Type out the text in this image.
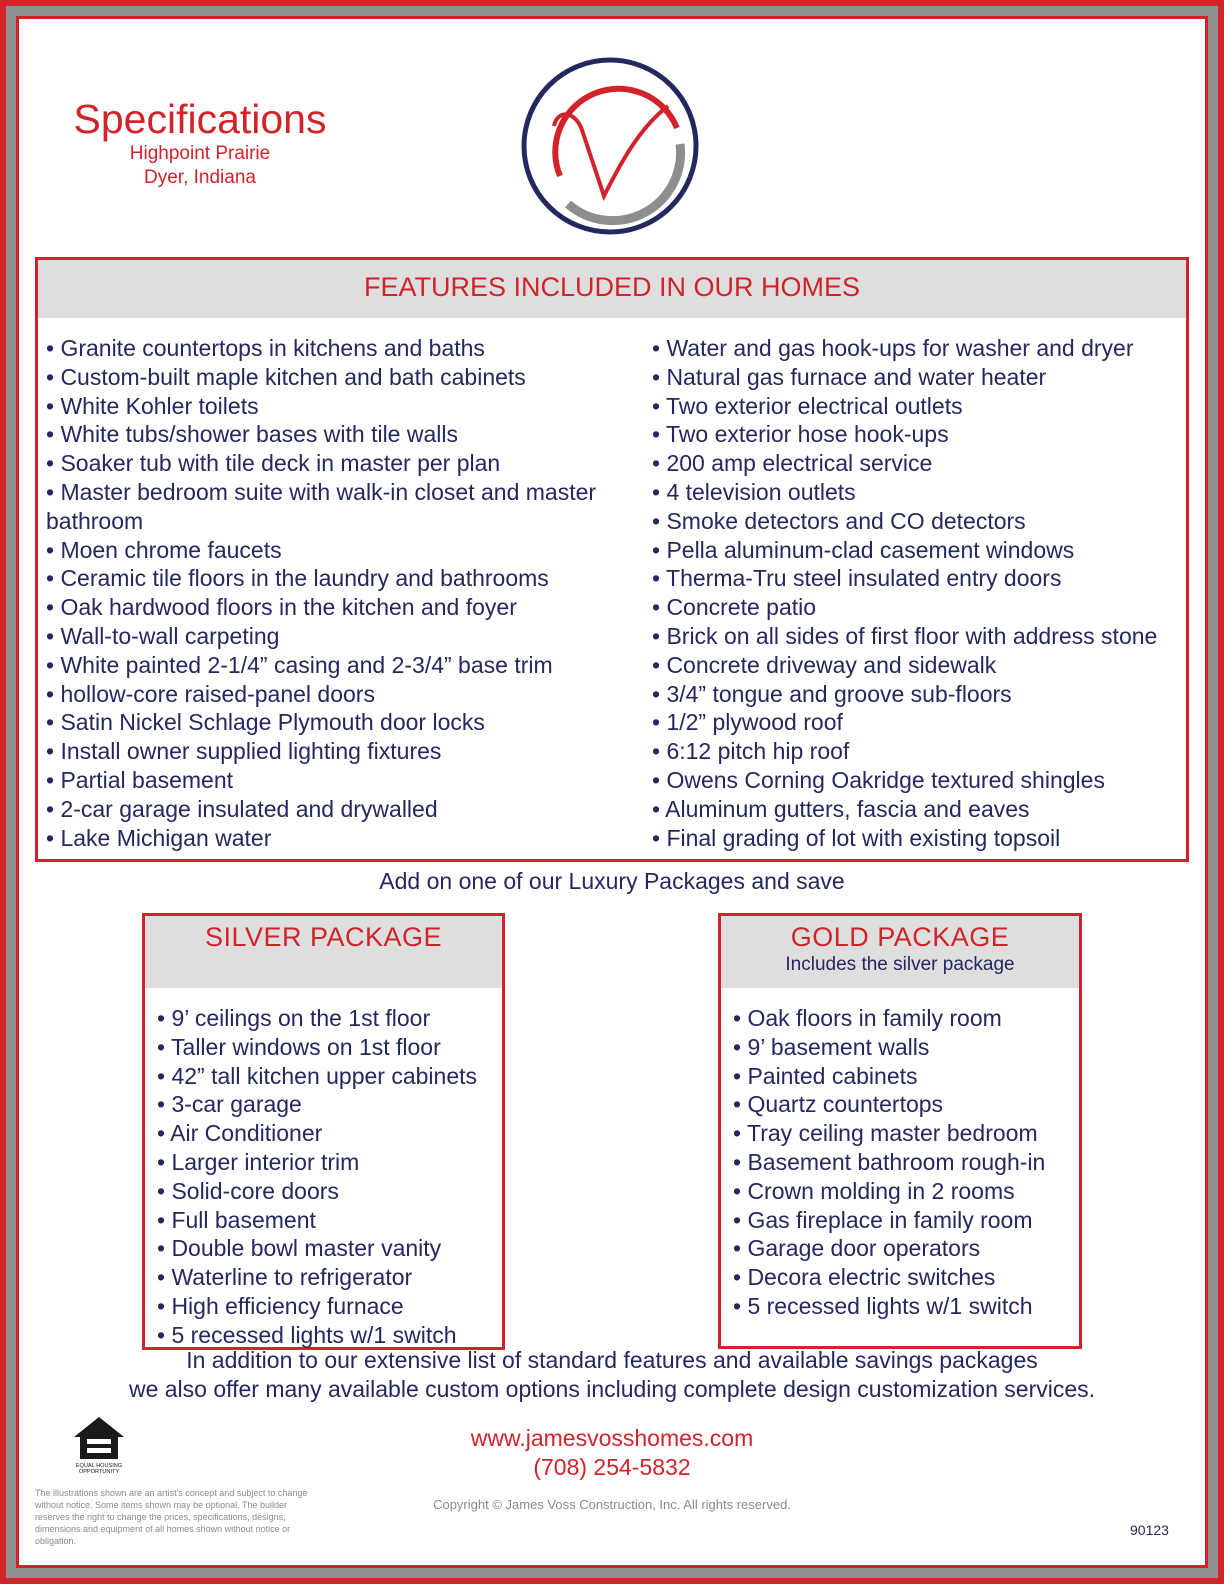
Specifications
Highpoint Prairie
Dyer, Indiana
FEATURES INCLUDED IN OUR HOMES
• Granite countertops in kitchens and baths
• Custom-built maple kitchen and bath cabinets
• White Kohler toilets
• White tubs/shower bases with tile walls
• Soaker tub with tile deck in master per plan
• Master bedroom suite with walk-in closet and master bathroom
• Moen chrome faucets
• Ceramic tile floors in the laundry and bathrooms
• Oak hardwood floors in the kitchen and foyer
• Wall-to-wall carpeting
• White painted 2-1/4” casing and 2-3/4” base trim
• hollow-core raised-panel doors
• Satin Nickel Schlage Plymouth door locks
• Install owner supplied lighting fixtures
• Partial basement
• 2-car garage insulated and drywalled
• Lake Michigan water
• Water and gas hook-ups for washer and dryer
• Natural gas furnace and water heater
• Two exterior electrical outlets
• Two exterior hose hook-ups
• 200 amp electrical service
• 4 television outlets
• Smoke detectors and CO detectors
• Pella aluminum-clad casement windows
• Therma-Tru steel insulated entry doors
• Concrete patio
• Brick on all sides of first floor with address stone
• Concrete driveway and sidewalk
• 3/4” tongue and groove sub-floors
• 1/2” plywood roof
• 6:12 pitch hip roof
• Owens Corning Oakridge textured shingles
• Aluminum gutters, fascia and eaves
• Final grading of lot with existing topsoil
Add on one of our Luxury Packages and save
SILVER PACKAGE
• 9’ ceilings on the 1st floor
• Taller windows on 1st floor
• 42” tall kitchen upper cabinets
• 3-car garage
• Air Conditioner
• Larger interior trim
• Solid-core doors
• Full basement
• Double bowl master vanity
• Waterline to refrigerator
• High efficiency furnace
• 5 recessed lights w/1 switch
GOLD PACKAGE
Includes the silver package
• Oak floors in family room
• 9’ basement walls
• Painted cabinets
• Quartz countertops
• Tray ceiling master bedroom
• Basement bathroom rough-in
• Crown molding in 2 rooms
• Gas fireplace in family room
• Garage door operators
• Decora electric switches
• 5 recessed lights w/1 switch
In addition to our extensive list of standard features and available savings packages
we also offer many available custom options including complete design customization services.
www.jamesvosshomes.com
(708) 254-5832
Copyright © James Voss Construction, Inc. All rights reserved.
EQUAL HOUSING
OPPORTUNITY
The illustrations shown are an artist's concept and subject to change without notice. Some items shown may be optional. The builder reserves the right to change the prices, specifications, designs, dimensions and equipment of all homes shown without notice or obligation.
90123
